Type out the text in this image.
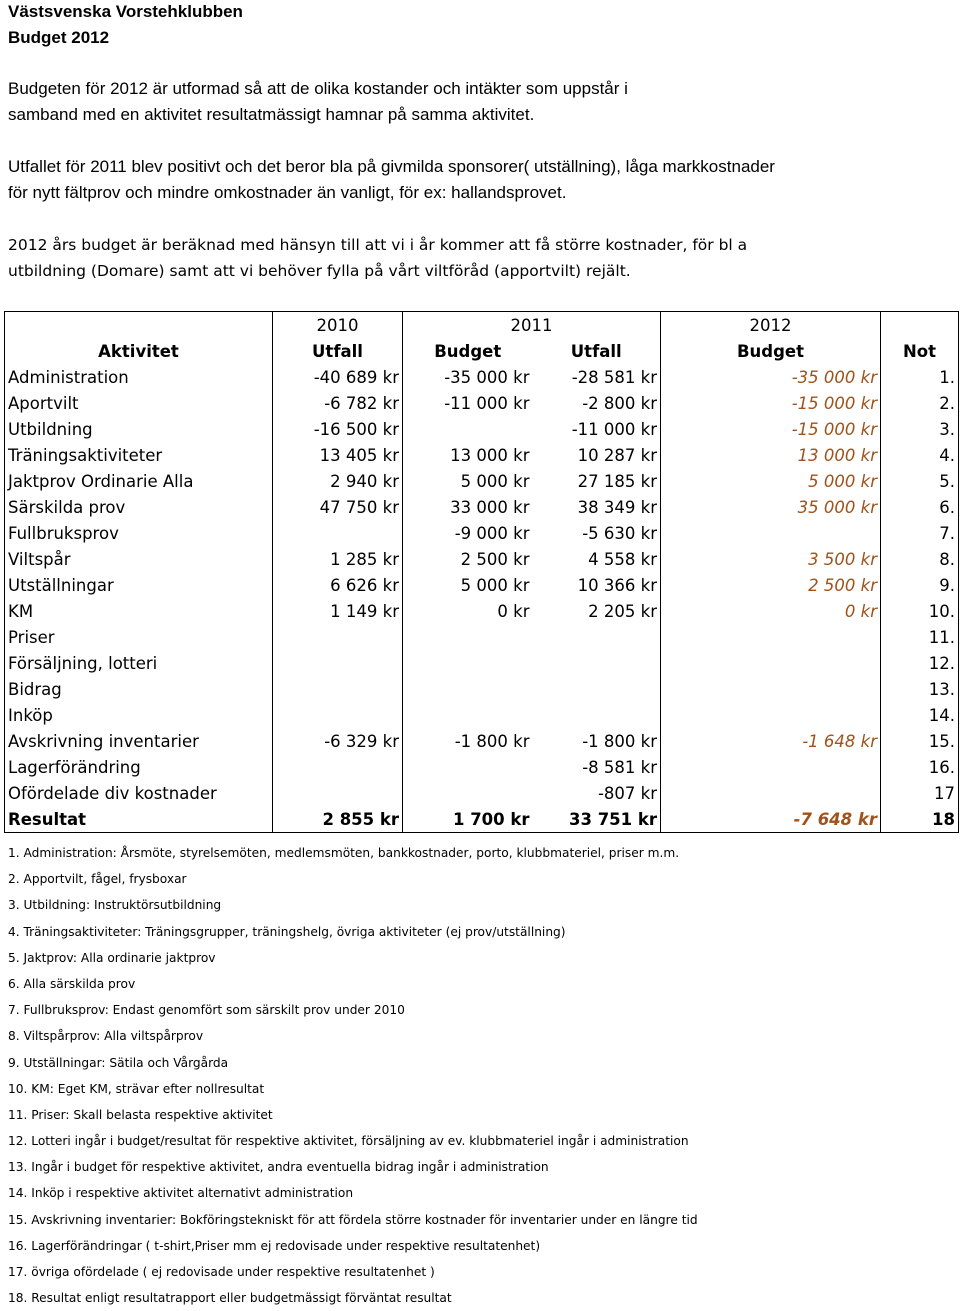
Västsvenska Vorstehklubben
Budget 2012
Budgeten för 2012 är utformad så att de olika kostander och intäkter som uppstår i
samband med en aktivitet resultatmässigt hamnar på samma aktivitet.
Utfallet för 2011 blev positivt och det beror bla på givmilda sponsorer( utställning), låga markkostnader
för nytt fältprov och mindre omkostnader än vanligt, för ex: hallandsprovet.
2012 års budget är beräknad med hänsyn till att vi i år kommer att få större kostnader, för bl a
utbildning (Domare) samt att vi behöver fylla på vårt viltföråd (apportvilt) rejält.
	2010	2011		2012	
Aktivitet	Utfall	Budget	Utfall	Budget	Not
Administration	-40 689 kr	-35 000 kr	-28 581 kr	-35 000 kr	1.
Aportvilt	-6 782 kr	-11 000 kr	-2 800 kr	-15 000 kr	2.
Utbildning	-16 500 kr		-11 000 kr	-15 000 kr	3.
Träningsaktiviteter	13 405 kr	13 000 kr	10 287 kr	13 000 kr	4.
Jaktprov Ordinarie Alla	2 940 kr	5 000 kr	27 185 kr	5 000 kr	5.
Särskilda prov	47 750 kr	33 000 kr	38 349 kr	35 000 kr	6.
Fullbruksprov		-9 000 kr	-5 630 kr		7.
Viltspår	1 285 kr	2 500 kr	4 558 kr	3 500 kr	8.
Utställningar	6 626 kr	5 000 kr	10 366 kr	2 500 kr	9.
KM	1 149 kr	0 kr	2 205 kr	0 kr	10.
Priser					11.
Försäljning, lotteri					12.
Bidrag					13.
Inköp					14.
Avskrivning inventarier	-6 329 kr	-1 800 kr	-1 800 kr	-1 648 kr	15.
Lagerförändring			-8 581 kr		16.
Ofördelade div kostnader			-807 kr		17
Resultat	2 855 kr	1 700 kr	33 751 kr	-7 648 kr	18
1. Administration: Årsmöte, styrelsemöten, medlemsmöten, bankkostnader, porto, klubbmateriel, priser m.m.
2. Apportvilt, fågel, frysboxar
3. Utbildning: Instruktörsutbildning
4. Träningsaktiviteter: Träningsgrupper, träningshelg, övriga aktiviteter (ej prov/utställning)
5. Jaktprov: Alla ordinarie jaktprov
6. Alla särskilda prov
7. Fullbruksprov: Endast genomfört som särskilt prov under 2010
8. Viltspårprov: Alla viltspårprov
9. Utställningar: Sätila och Vårgårda
10. KM: Eget KM, strävar efter nollresultat
11. Priser: Skall belasta respektive aktivitet
12. Lotteri ingår i budget/resultat för respektive aktivitet, försäljning av ev. klubbmateriel ingår i administration
13. Ingår i budget för respektive aktivitet, andra eventuella bidrag ingår i administration
14. Inköp i respektive aktivitet alternativt administration
15. Avskrivning inventarier: Bokföringstekniskt för att fördela större kostnader för inventarier under en längre tid
16. Lagerförändringar ( t-shirt,Priser mm ej redovisade under respektive resultatenhet)
17. övriga ofördelade ( ej redovisade under respektive resultatenhet )
18. Resultat enligt resultatrapport eller budgetmässigt förväntat resultat
